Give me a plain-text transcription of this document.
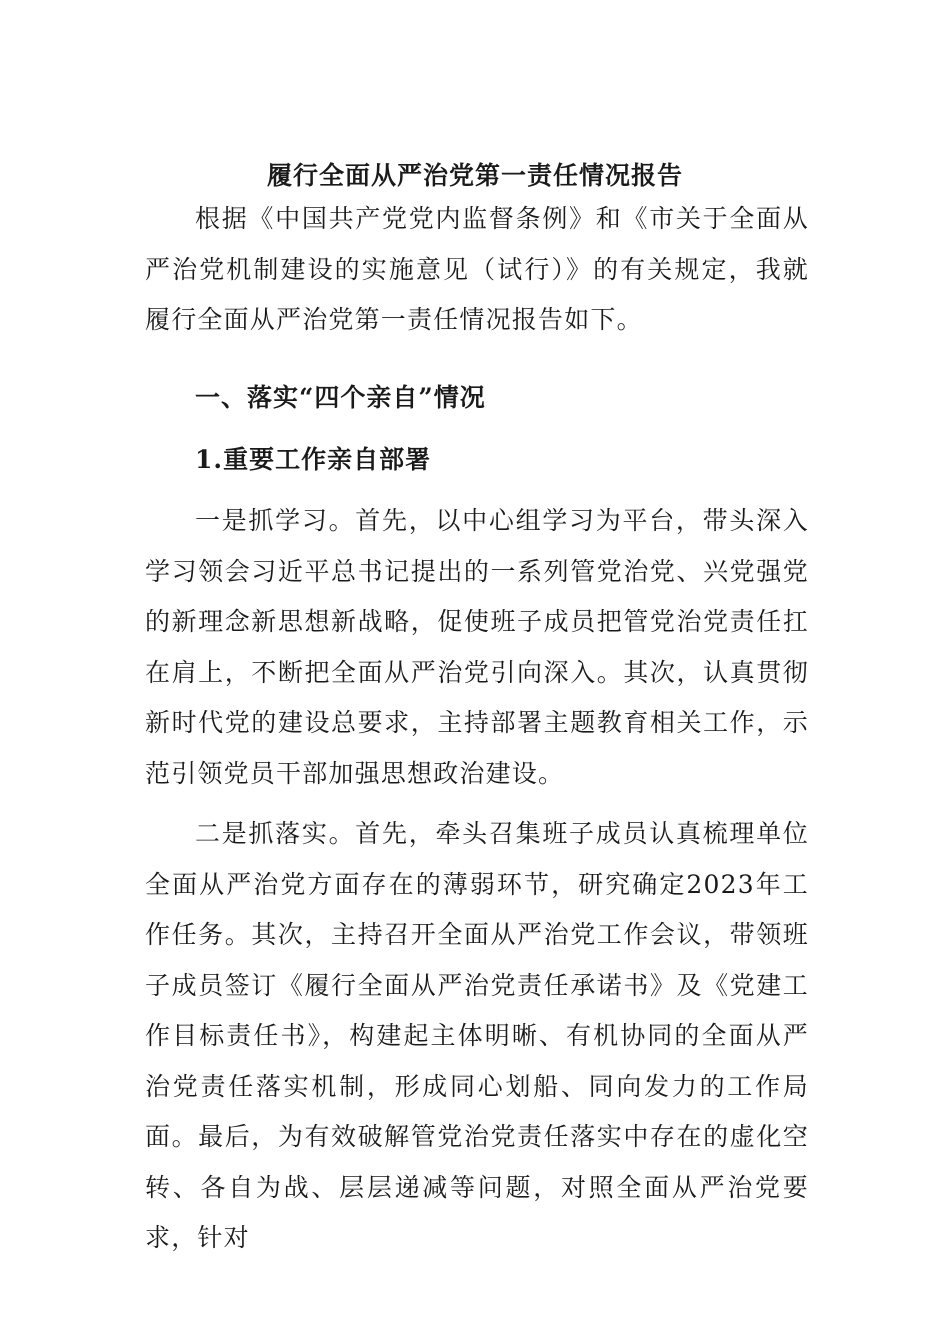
履行全面从严治党第一责任情况报告

根据《中国共产党党内监督条例》和《市关于全面从严治党机制建设的实施意见（试行）》的有关规定，我就履行全面从严治党第一责任情况报告如下。

一、落实“四个亲自”情况
1.重要工作亲自部署

一是抓学习。首先，以中心组学习为平台，带头深入学习领会习近平总书记提出的一系列管党治党、兴党强党的新理念新思想新战略，促使班子成员把管党治党责任扛在肩上，不断把全面从严治党引向深入。其次，认真贯彻新时代党的建设总要求，主持部署主题教育相关工作，示范引领党员干部加强思想政治建设。

二是抓落实。首先，牵头召集班子成员认真梳理单位全面从严治党方面存在的薄弱环节，研究确定2023年工作任务。其次，主持召开全面从严治党工作会议，带领班子成员签订《履行全面从严治党责任承诺书》及《党建工作目标责任书》，构建起主体明晰、有机协同的全面从严治党责任落实机制，形成同心划船、同向发力的工作局面。最后，为有效破解管党治党责任落实中存在的虚化空转、各自为战、层层递减等问题，对照全面从严治党要求，针对
